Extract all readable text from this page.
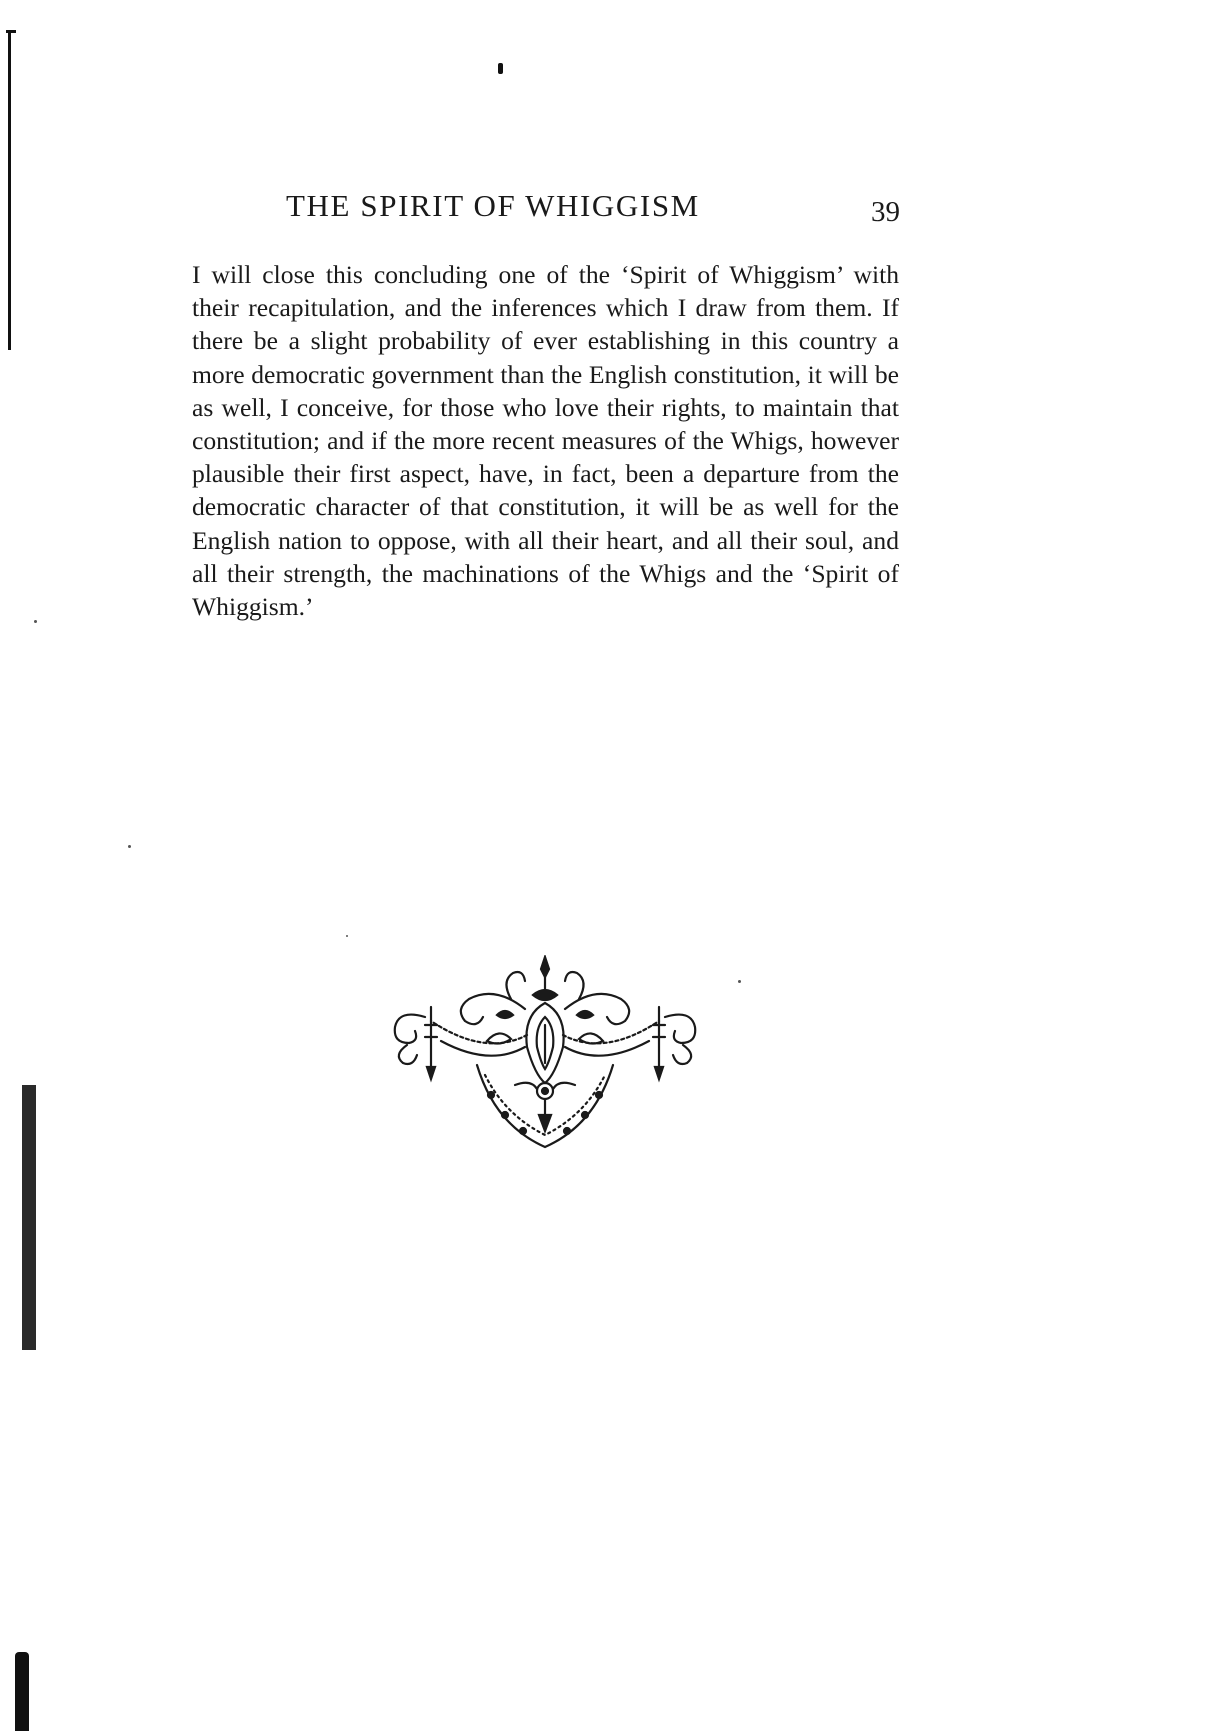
THE SPIRIT OF WHIGGISM	39

I will close this concluding one of the ‘Spirit of Whiggism’ with their recapitulation, and the inferences which I draw from them. If there be a slight probability of ever establishing in this country a more democratic government than the English constitution, it will be as well, I conceive, for those who love their rights, to maintain that constitution; and if the more recent measures of the Whigs, however plausible their first aspect, have, in fact, been a departure from the democratic character of that constitution, it will be as well for the English nation to oppose, with all their heart, and all their soul, and all their strength, the machinations of the Whigs and the ‘Spirit of Whiggism.’
